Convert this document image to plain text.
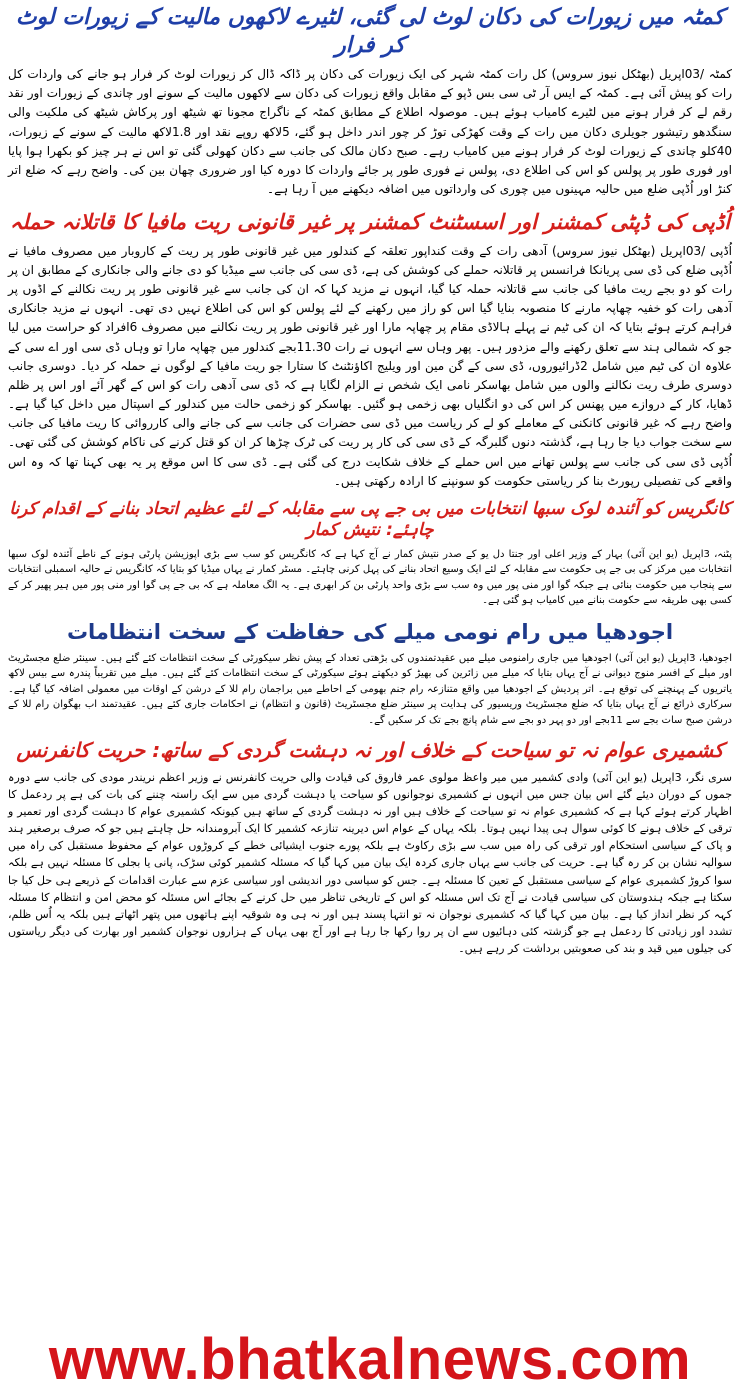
کمٹہ میں زیورات کی دکان لوٹ لی گئی، لٹیرے لاکھوں مالیت کے زیورات لوٹ کر فرار

کمٹہ /03اپریل (بھٹکل نیوز سروس) کل رات کمٹہ شہر کی ایک زیورات کی دکان پر ڈاکہ ڈال کر زیورات لوٹ کر فرار ہو جانے کی واردات کل رات کو پیش آئی ہے۔ کمٹہ کے ایس آر ٹی سی بس ڈپو کے مقابل واقع زیورات کی دکان سے لاکھوں مالیت کے سونے اور چاندی کے زیورات اور نقد رقم لے کر فرار ہونے میں لٹیرے کامیاب ہوئے ہیں۔ موصولہ اطلاع کے مطابق کمٹہ کے ناگراج مجونا تھ شیٹھ اور پرکاش شیٹھ کی ملکیت والی سنگدھو رتیشور جویلری دکان میں رات کے وقت کھڑکی توڑ کر چور اندر داخل ہو گئے، 5لاکھ روپے نقد اور 1.8لاکھ مالیت کے سونے کے زیورات، 40کلو چاندی کے زیورات لوٹ کر فرار ہونے میں کامیاب رہے۔ صبح دکان مالک کی جانب سے دکان کھولی گئی تو اس نے ہر چیز کو بکھرا ہوا پایا اور فوری طور پر پولس کو اس کی اطلاع دی، پولس نے فوری طور پر جائے واردات کا دورہ کیا اور ضروری چھان بین کی۔ واضح رہے کہ ضلع اتر کنڑ اور اُڈپی ضلع میں حالیہ مہینوں میں چوری کی وارداتوں میں اضافہ دیکھنے میں آ رہا ہے۔

اُڈپی کی ڈپٹی کمشنر اور اسسٹنٹ کمشنر پر غیر قانونی ریت مافیا کا قاتلانہ حملہ

اُڈپی /03اپریل (بھٹکل نیوز سروس) آدھی رات کے وقت کنداپور تعلقہ کے کندلور میں غیر قانونی طور پر ریت کے کاروبار میں مصروف مافیا نے اُڈپی ضلع کی ڈی سی پریانکا فرانسس پر قاتلانہ حملے کی کوشش کی ہے، ڈی سی کی جانب سے میڈیا کو دی جانے والی جانکاری کے مطابق ان پر رات کو دو بجے ریت مافیا کی جانب سے قاتلانہ حملہ کیا گیا، انہوں نے مزید کہا کہ ان کی جانب سے غیر قانونی طور پر ریت نکالنے کے اڈوں پر آدھی رات کو خفیہ چھاپہ مارنے کا منصوبہ بنایا گیا اس کو راز میں رکھنے کے لئے پولس کو اس کی اطلاع نہیں دی تھی۔ انہوں نے مزید جانکاری فراہم کرتے ہوئے بتایا کہ ان کی ٹیم نے پہلے ہالاڈی مقام پر چھاپہ مارا اور غیر قانونی طور پر ریت نکالنے میں مصروف 6افراد کو حراست میں لیا جو کہ شمالی ہند سے تعلق رکھنے والے مزدور ہیں۔ پھر وہاں سے انہوں نے رات 11.30بجے کندلور میں چھاپہ مارا تو وہاں ڈی سی اور اے سی کے علاوہ ان کی ٹیم میں شامل 2ڈرائیوروں، ڈی سی کے گن مین اور ویلیج اکاؤنٹنٹ کا ستارا جو ریت مافیا کے لوگوں نے حملہ کر دیا۔ دوسری جانب دوسری طرف ریت نکالنے والوں میں شامل بھاسکر نامی ایک شخص نے الزام لگایا ہے کہ ڈی سی آدھی رات کو اس کے گھر آئے اور اس پر ظلم ڈھایا، کار کے دروازے میں پھنس کر اس کی دو انگلیاں بھی زخمی ہو گئیں۔ بھاسکر کو زخمی حالت میں کندلور کے اسپتال میں داخل کیا گیا ہے۔ واضح رہے کہ غیر قانونی کانکنی کے معاملے کو لے کر ریاست میں ڈی سی حضرات کی جانب سے کی جانے والی کارروائی کا ریت مافیا کی جانب سے سخت جواب دیا جا رہا ہے، گذشتہ دنوں گلبرگہ کے ڈی سی کی کار پر ریت کی ٹرک چڑھا کر ان کو قتل کرنے کی ناکام کوشش کی گئی تھی۔ اُڈپی ڈی سی کی جانب سے پولس تھانے میں اس حملے کے خلاف شکایت درج کی گئی ہے۔ ڈی سی کا اس موقع پر یہ بھی کہنا تھا کہ وہ اس واقعے کی تفصیلی رپورٹ بنا کر ریاستی حکومت کو سونپنے کا ارادہ رکھتی ہیں۔

کانگریس کو آئندہ لوک سبھا انتخابات میں بی جے پی سے مقابلہ کے لئے عظیم اتحاد بنانے کے اقدام کرنا چاہئے: نتیش کمار

پٹنہ، 3اپریل (یو این آئی) بہار کے وزیر اعلی اور جنتا دل یو کے صدر نتیش کمار نے آج کہا ہے کہ کانگریس کو سب سے بڑی اپوزیشن پارٹی ہونے کے ناطے آئندہ لوک سبھا انتخابات میں مرکز کی بی جے پی حکومت سے مقابلہ کے لئے ایک وسیع اتحاد بنانے کی پہل کرنی چاہئے۔ مسٹر کمار نے یہاں میڈیا کو بتایا کہ کانگریس نے حالیہ اسمبلی انتخابات سے پنجاب میں حکومت بنائی ہے جبکہ گوا اور منی پور میں وہ سب سے بڑی واحد پارٹی بن کر ابھری ہے۔ یہ الگ معاملہ ہے کہ بی جے پی گوا اور منی پور میں ہیر پھیر کر کے کسی بھی طریقہ سے حکومت بنانے میں کامیاب ہو گئی ہے۔

اجودھیا میں رام نومی میلے کی حفاظت کے سخت انتظامات

اجودھیا، 3اپریل (یو این آئی) اجودھیا میں جاری رامنومی میلے میں عقیدتمندوں کی بڑھتی تعداد کے پیش نظر سیکورٹی کے سخت انتظامات کئے گئے ہیں۔ سینئر ضلع مجسٹریٹ اور میلے کے افسر منوج دیوانی نے آج یہاں بتایا کہ میلے میں زائرین کی بھیڑ کو دیکھتے ہوئے سیکورٹی کے سخت انتظامات کئے گئے ہیں۔ میلے میں تقریباً پندرہ سے بیس لاکھ یاتریوں کے پہنچنے کی توقع ہے۔ اتر پردیش کے اجودھیا میں واقع متنازعہ رام جنم بھومی کے احاطے میں براجمان رام للا کے درشن کے اوقات میں معمولی اضافہ کیا گیا ہے۔ سرکاری ذرائع نے آج یہاں بتایا کہ ضلع مجسٹریٹ وریسیور کی ہدایت پر سینئر ضلع مجسٹریٹ (قانون و انتظام) نے احکامات جاری کئے ہیں۔ عقیدتمند اب بھگوان رام للا کے درشن صبح سات بجے سے 11بجے اور دو پہر دو بجے سے شام پانچ بجے تک کر سکیں گے۔

کشمیری عوام نہ تو سیاحت کے خلاف اور نہ دہشت گردی کے ساتھ: حریت کانفرنس

سری نگر، 3اپریل (یو این آئی) وادی کشمیر میں میر واعظ مولوی عمر فاروق کی قیادت والی حریت کانفرنس نے وزیر اعظم نریندر مودی کی جانب سے دورہ جموں کے دوران دیئے گئے اس بیان جس میں انہوں نے کشمیری نوجوانوں کو سیاحت یا دہشت گردی میں سے ایک راستہ چننے کی بات کی ہے پر ردعمل کا اظہار کرتے ہوئے کہا ہے کہ کشمیری عوام نہ تو سیاحت کے خلاف ہیں اور نہ دہشت گردی کے ساتھ ہیں کیونکہ کشمیری عوام کا دہشت گردی اور تعمیر و ترقی کے خلاف ہونے کا کوئی سوال ہی پیدا نہیں ہوتا۔ بلکہ یہاں کے عوام اس دیرینہ تنازعہ کشمیر کا ایک آبرومندانہ حل چاہتے ہیں جو کہ صرف برصغیر ہند و پاک کے سیاسی استحکام اور ترقی کی راہ میں سب سے بڑی رکاوٹ ہے بلکہ پورے جنوب ایشیائی خطے کے کروڑوں عوام کے محفوظ مستقبل کی راہ میں سوالیہ نشان بن کر رہ گیا ہے۔ حریت کی جانب سے یہاں جاری کردہ ایک بیان میں کہا گیا کہ مسئلہ کشمیر کوئی سڑک، پانی یا بجلی کا مسئلہ نہیں ہے بلکہ سوا کروڑ کشمیری عوام کے سیاسی مستقبل کے تعین کا مسئلہ ہے۔ جس کو سیاسی دور اندیشی اور سیاسی عزم سے عبارت اقدامات کے ذریعے ہی حل کیا جا سکتا ہے جبکہ ہندوستان کی سیاسی قیادت نے آج تک اس مسئلہ کو اس کے تاریخی تناظر میں حل کرنے کے بجائے اس مسئلہ کو محض امن و انتظام کا مسئلہ کہہ کر نظر انداز کیا ہے۔ بیان میں کہا گیا کہ کشمیری نوجوان نہ تو انتہا پسند ہیں اور نہ ہی وہ شوقیہ اپنے ہاتھوں میں پتھر اٹھاتے ہیں بلکہ یہ اُس ظلم، تشدد اور زیادتی کا ردعمل ہے جو گزشتہ کئی دہائیوں سے ان پر روا رکھا جا رہا ہے اور آج بھی یہاں کے ہزاروں نوجوان کشمیر اور بھارت کی دیگر ریاستوں کی جیلوں میں قید و بند کی صعوبتیں برداشت کر رہے ہیں۔

www.bhatkalnews.com
